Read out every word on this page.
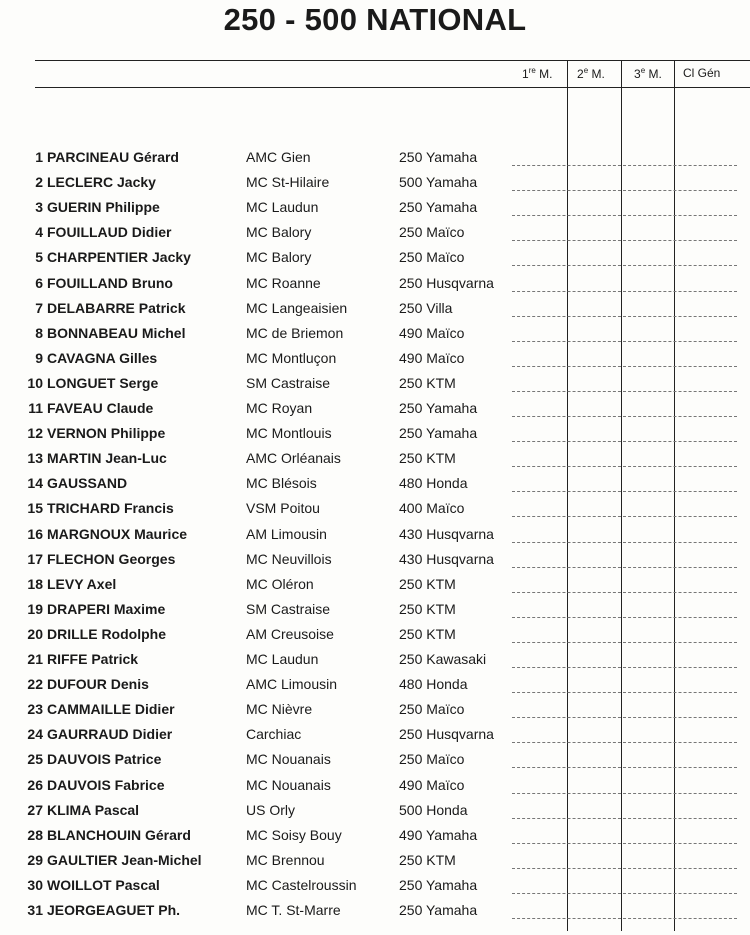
250 - 500 NATIONAL
1re M. 2e M. 3e M. Cl Gén
1 PARCINEAU Gérard	AMC Gien	250 Yamaha
2 LECLERC Jacky	MC St-Hilaire	500 Yamaha
3 GUERIN Philippe	MC Laudun	250 Yamaha
4 FOUILLAUD Didier	MC Balory	250 Maïco
5 CHARPENTIER Jacky	MC Balory	250 Maïco
6 FOUILLAND Bruno	MC Roanne	250 Husqvarna
7 DELABARRE Patrick	MC Langeaisien	250 Villa
8 BONNABEAU Michel	MC de Briemon	490 Maïco
9 CAVAGNA Gilles	MC Montluçon	490 Maïco
10 LONGUET Serge	SM Castraise	250 KTM
11 FAVEAU Claude	MC Royan	250 Yamaha
12 VERNON Philippe	MC Montlouis	250 Yamaha
13 MARTIN Jean-Luc	AMC Orléanais	250 KTM
14 GAUSSAND	MC Blésois	480 Honda
15 TRICHARD Francis	VSM Poitou	400 Maïco
16 MARGNOUX Maurice	AM Limousin	430 Husqvarna
17 FLECHON Georges	MC Neuvillois	430 Husqvarna
18 LEVY Axel	MC Oléron	250 KTM
19 DRAPERI Maxime	SM Castraise	250 KTM
20 DRILLE Rodolphe	AM Creusoise	250 KTM
21 RIFFE Patrick	MC Laudun	250 Kawasaki
22 DUFOUR Denis	AMC Limousin	480 Honda
23 CAMMAILLE Didier	MC Nièvre	250 Maïco
24 GAURRAUD Didier	Carchiac	250 Husqvarna
25 DAUVOIS Patrice	MC Nouanais	250 Maïco
26 DAUVOIS Fabrice	MC Nouanais	490 Maïco
27 KLIMA Pascal	US Orly	500 Honda
28 BLANCHOUIN Gérard	MC Soisy Bouy	490 Yamaha
29 GAULTIER Jean-Michel	MC Brennou	250 KTM
30 WOILLOT Pascal	MC Castelroussin	250 Yamaha
31 JEORGEAGUET Ph.	MC T. St-Marre	250 Yamaha
